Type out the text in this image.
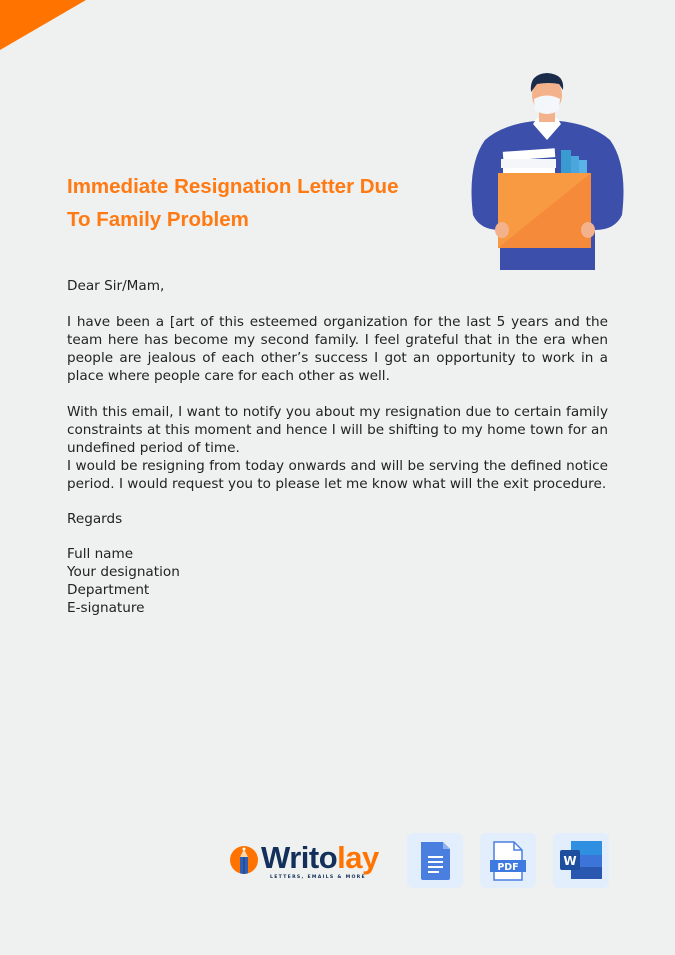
Immediate Resignation Letter Due
To Family Problem
Dear Sir/Mam,
I have been a [art of this esteemed organization for the last 5 years and the team here has become my second family. I feel grateful that in the era when people are jealous of each other’s success I got an opportunity to work in a place where people care for each other as well.
With this email, I want to notify you about my resignation due to certain family constraints at this moment and hence I will be shifting to my home town for an undefined period of time.
I would be resigning from today onwards and will be serving the defined notice period. I would request you to please let me know what will the exit procedure.
Regards
Full name
Your designation
Department
E-signature
Writolay
LETTERS, EMAILS & MORE
PDF	W
